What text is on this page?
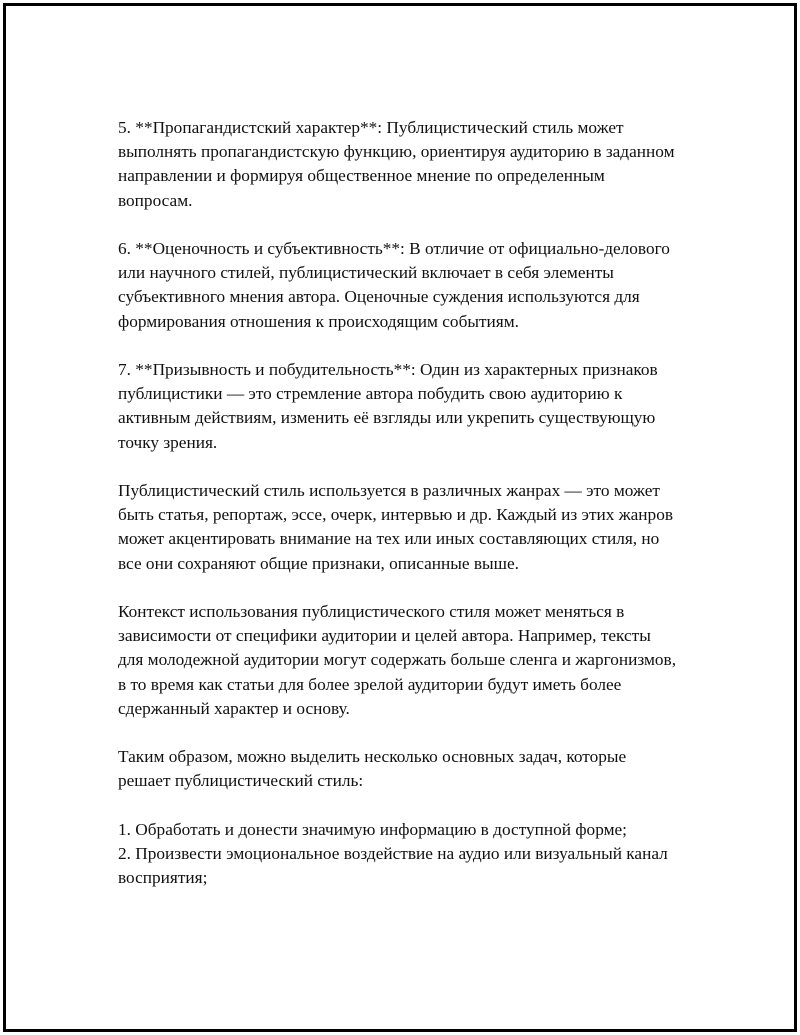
5. **Пропагандистский характер**: Публицистический стиль может выполнять пропагандистскую функцию, ориентируя аудиторию в заданном направлении и формируя общественное мнение по определенным вопросам.

6. **Оценочность и субъективность**: В отличие от официально-делового или научного стилей, публицистический включает в себя элементы субъективного мнения автора. Оценочные суждения используются для формирования отношения к происходящим событиям.

7. **Призывность и побудительность**: Один из характерных признаков публицистики — это стремление автора побудить свою аудиторию к активным действиям, изменить её взгляды или укрепить существующую точку зрения.

Публицистический стиль используется в различных жанрах — это может быть статья, репортаж, эссе, очерк, интервью и др. Каждый из этих жанров может акцентировать внимание на тех или иных составляющих стиля, но все они сохраняют общие признаки, описанные выше.

Контекст использования публицистического стиля может меняться в зависимости от специфики аудитории и целей автора. Например, тексты для молодежной аудитории могут содержать больше сленга и жаргонизмов, в то время как статьи для более зрелой аудитории будут иметь более сдержанный характер и основу.

Таким образом, можно выделить несколько основных задач, которые решает публицистический стиль:

1. Обработать и донести значимую информацию в доступной форме;

2. Произвести эмоциональное воздействие на аудио или визуальный канал восприятия;
